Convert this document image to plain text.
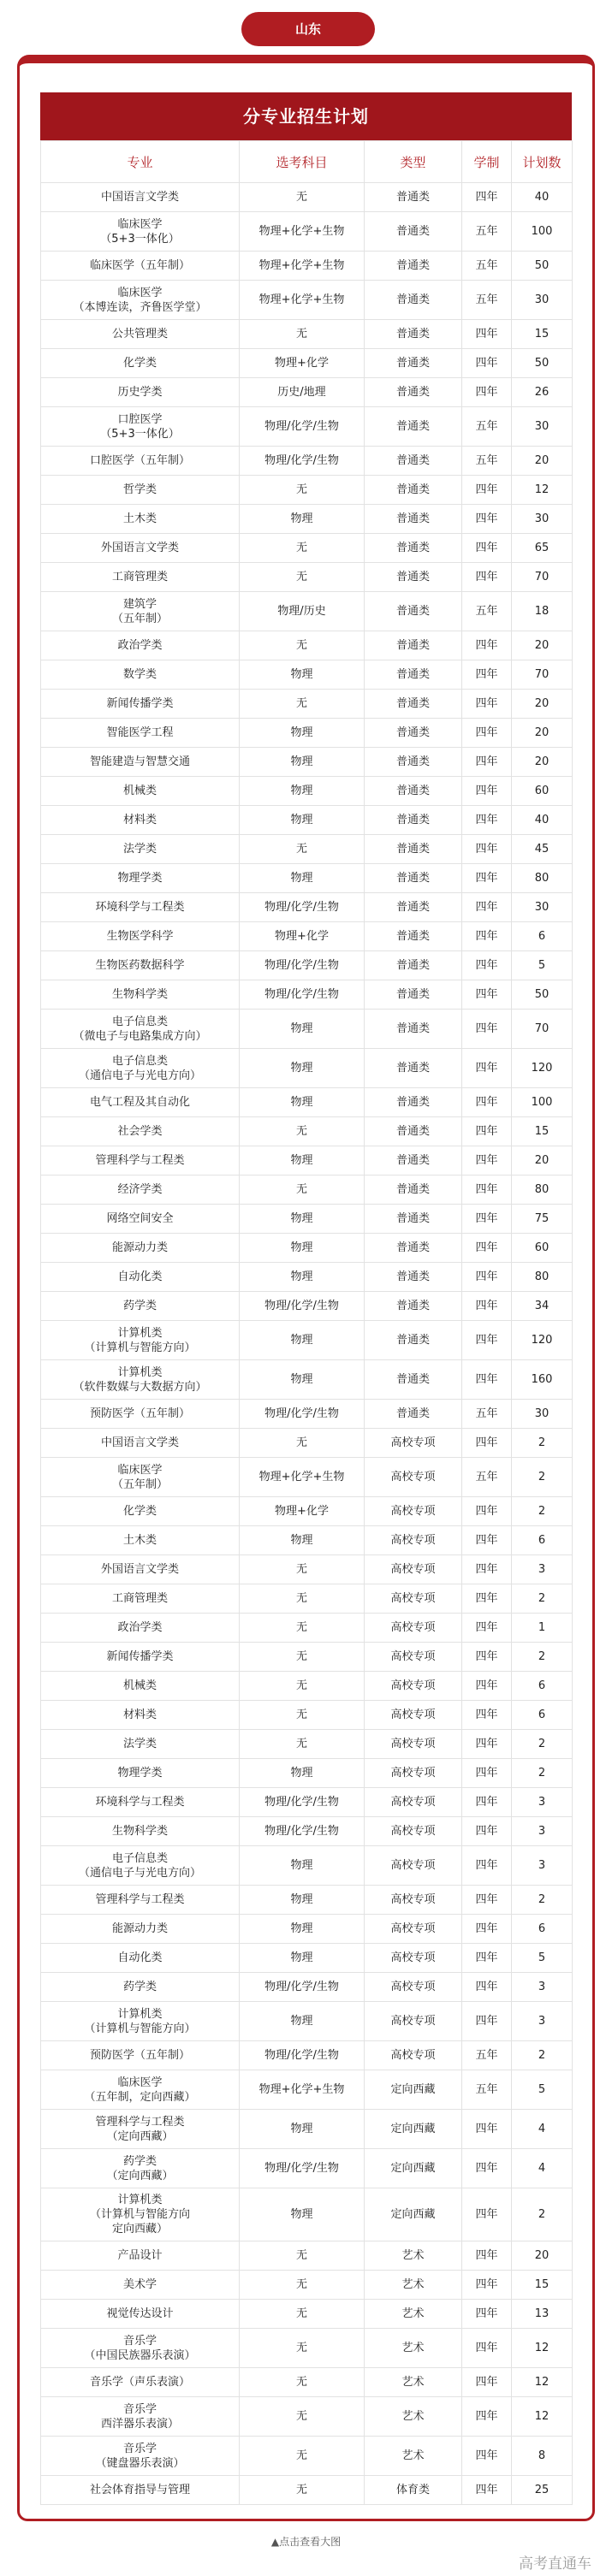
山东
分专业招生计划
专业	选考科目	类型	学制	计划数
中国语言文学类	无	普通类	四年	40
临床医学
（5+3一体化）	物理+化学+生物	普通类	五年	100
临床医学（五年制）	物理+化学+生物	普通类	五年	50
临床医学
（本博连读，齐鲁医学堂）	物理+化学+生物	普通类	五年	30
公共管理类	无	普通类	四年	15
化学类	物理+化学	普通类	四年	50
历史学类	历史/地理	普通类	四年	26
口腔医学
（5+3一体化）	物理/化学/生物	普通类	五年	30
口腔医学（五年制）	物理/化学/生物	普通类	五年	20
哲学类	无	普通类	四年	12
土木类	物理	普通类	四年	30
外国语言文学类	无	普通类	四年	65
工商管理类	无	普通类	四年	70
建筑学
（五年制）	物理/历史	普通类	五年	18
政治学类	无	普通类	四年	20
数学类	物理	普通类	四年	70
新闻传播学类	无	普通类	四年	20
智能医学工程	物理	普通类	四年	20
智能建造与智慧交通	物理	普通类	四年	20
机械类	物理	普通类	四年	60
材料类	物理	普通类	四年	40
法学类	无	普通类	四年	45
物理学类	物理	普通类	四年	80
环境科学与工程类	物理/化学/生物	普通类	四年	30
生物医学科学	物理+化学	普通类	四年	6
生物医药数据科学	物理/化学/生物	普通类	四年	5
生物科学类	物理/化学/生物	普通类	四年	50
电子信息类
（微电子与电路集成方向）	物理	普通类	四年	70
电子信息类
（通信电子与光电方向）	物理	普通类	四年	120
电气工程及其自动化	物理	普通类	四年	100
社会学类	无	普通类	四年	15
管理科学与工程类	物理	普通类	四年	20
经济学类	无	普通类	四年	80
网络空间安全	物理	普通类	四年	75
能源动力类	物理	普通类	四年	60
自动化类	物理	普通类	四年	80
药学类	物理/化学/生物	普通类	四年	34
计算机类
（计算机与智能方向）	物理	普通类	四年	120
计算机类
（软件数媒与大数据方向）	物理	普通类	四年	160
预防医学（五年制）	物理/化学/生物	普通类	五年	30
中国语言文学类	无	高校专项	四年	2
临床医学
（五年制）	物理+化学+生物	高校专项	五年	2
化学类	物理+化学	高校专项	四年	2
土木类	物理	高校专项	四年	6
外国语言文学类	无	高校专项	四年	3
工商管理类	无	高校专项	四年	2
政治学类	无	高校专项	四年	1
新闻传播学类	无	高校专项	四年	2
机械类	无	高校专项	四年	6
材料类	无	高校专项	四年	6
法学类	无	高校专项	四年	2
物理学类	物理	高校专项	四年	2
环境科学与工程类	物理/化学/生物	高校专项	四年	3
生物科学类	物理/化学/生物	高校专项	四年	3
电子信息类
（通信电子与光电方向）	物理	高校专项	四年	3
管理科学与工程类	物理	高校专项	四年	2
能源动力类	物理	高校专项	四年	6
自动化类	物理	高校专项	四年	5
药学类	物理/化学/生物	高校专项	四年	3
计算机类
（计算机与智能方向）	物理	高校专项	四年	3
预防医学（五年制）	物理/化学/生物	高校专项	五年	2
临床医学
（五年制，定向西藏）	物理+化学+生物	定向西藏	五年	5
管理科学与工程类
（定向西藏）	物理	定向西藏	四年	4
药学类
（定向西藏）	物理/化学/生物	定向西藏	四年	4
计算机类
（计算机与智能方向
定向西藏）	物理	定向西藏	四年	2
产品设计	无	艺术	四年	20
美术学	无	艺术	四年	15
视觉传达设计	无	艺术	四年	13
音乐学
（中国民族器乐表演）	无	艺术	四年	12
音乐学（声乐表演）	无	艺术	四年	12
音乐学
西洋器乐表演）	无	艺术	四年	12
音乐学
（键盘器乐表演）	无	艺术	四年	8
社会体育指导与管理	无	体育类	四年	25
▲点击查看大图
高考直通车
